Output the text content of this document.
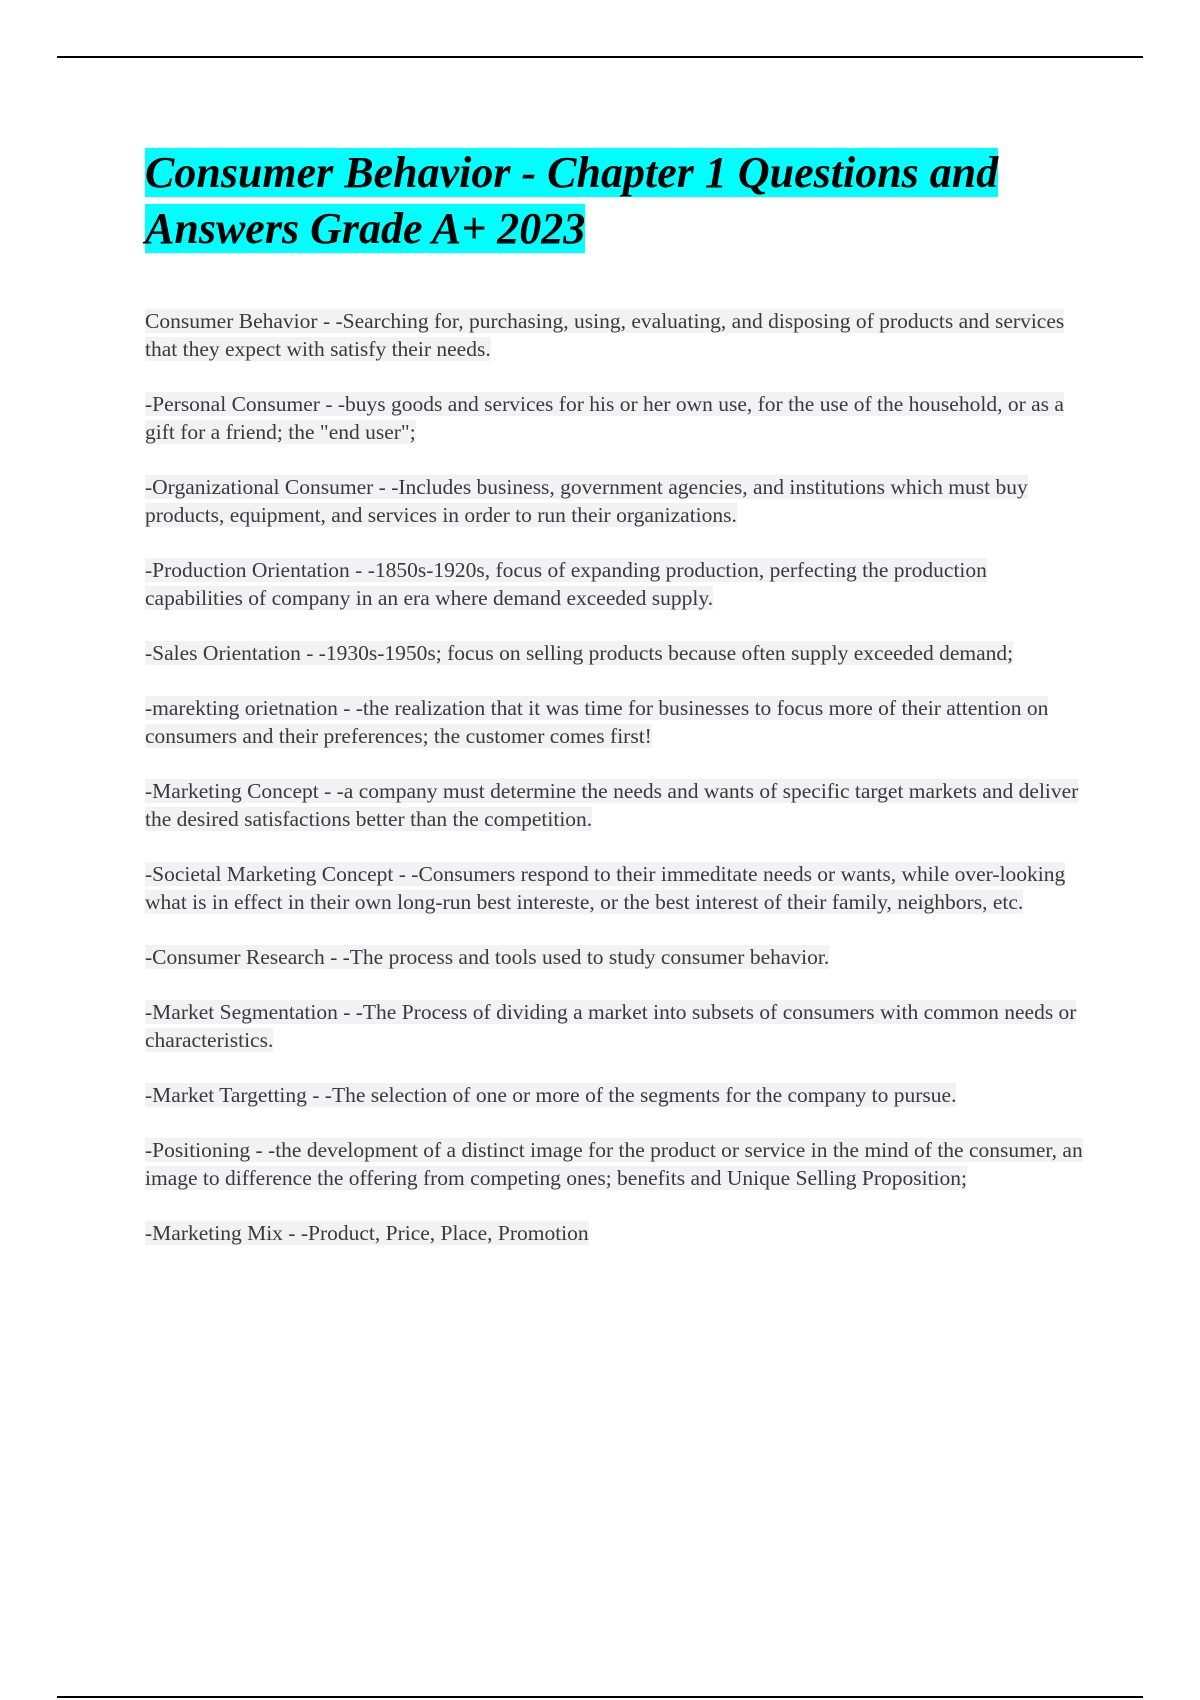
Consumer Behavior - Chapter 1 Questions and Answers Grade A+ 2023

Consumer Behavior - -Searching for, purchasing, using, evaluating, and disposing of products and services that they expect with satisfy their needs.

-Personal Consumer - -buys goods and services for his or her own use, for the use of the household, or as a gift for a friend; the "end user";

-Organizational Consumer - -Includes business, government agencies, and institutions which must buy products, equipment, and services in order to run their organizations.

-Production Orientation - -1850s-1920s, focus of expanding production, perfecting the production capabilities of company in an era where demand exceeded supply.

-Sales Orientation - -1930s-1950s; focus on selling products because often supply exceeded demand;

-marekting orietnation - -the realization that it was time for businesses to focus more of their attention on consumers and their preferences; the customer comes first!

-Marketing Concept - -a company must determine the needs and wants of specific target markets and deliver the desired satisfactions better than the competition.

-Societal Marketing Concept - -Consumers respond to their immeditate needs or wants, while over-looking what is in effect in their own long-run best intereste, or the best interest of their family, neighbors, etc.

-Consumer Research - -The process and tools used to study consumer behavior.

-Market Segmentation - -The Process of dividing a market into subsets of consumers with common needs or characteristics.

-Market Targetting - -The selection of one or more of the segments for the company to pursue.

-Positioning - -the development of a distinct image for the product or service in the mind of the consumer, an image to difference the offering from competing ones; benefits and Unique Selling Proposition;

-Marketing Mix - -Product, Price, Place, Promotion
